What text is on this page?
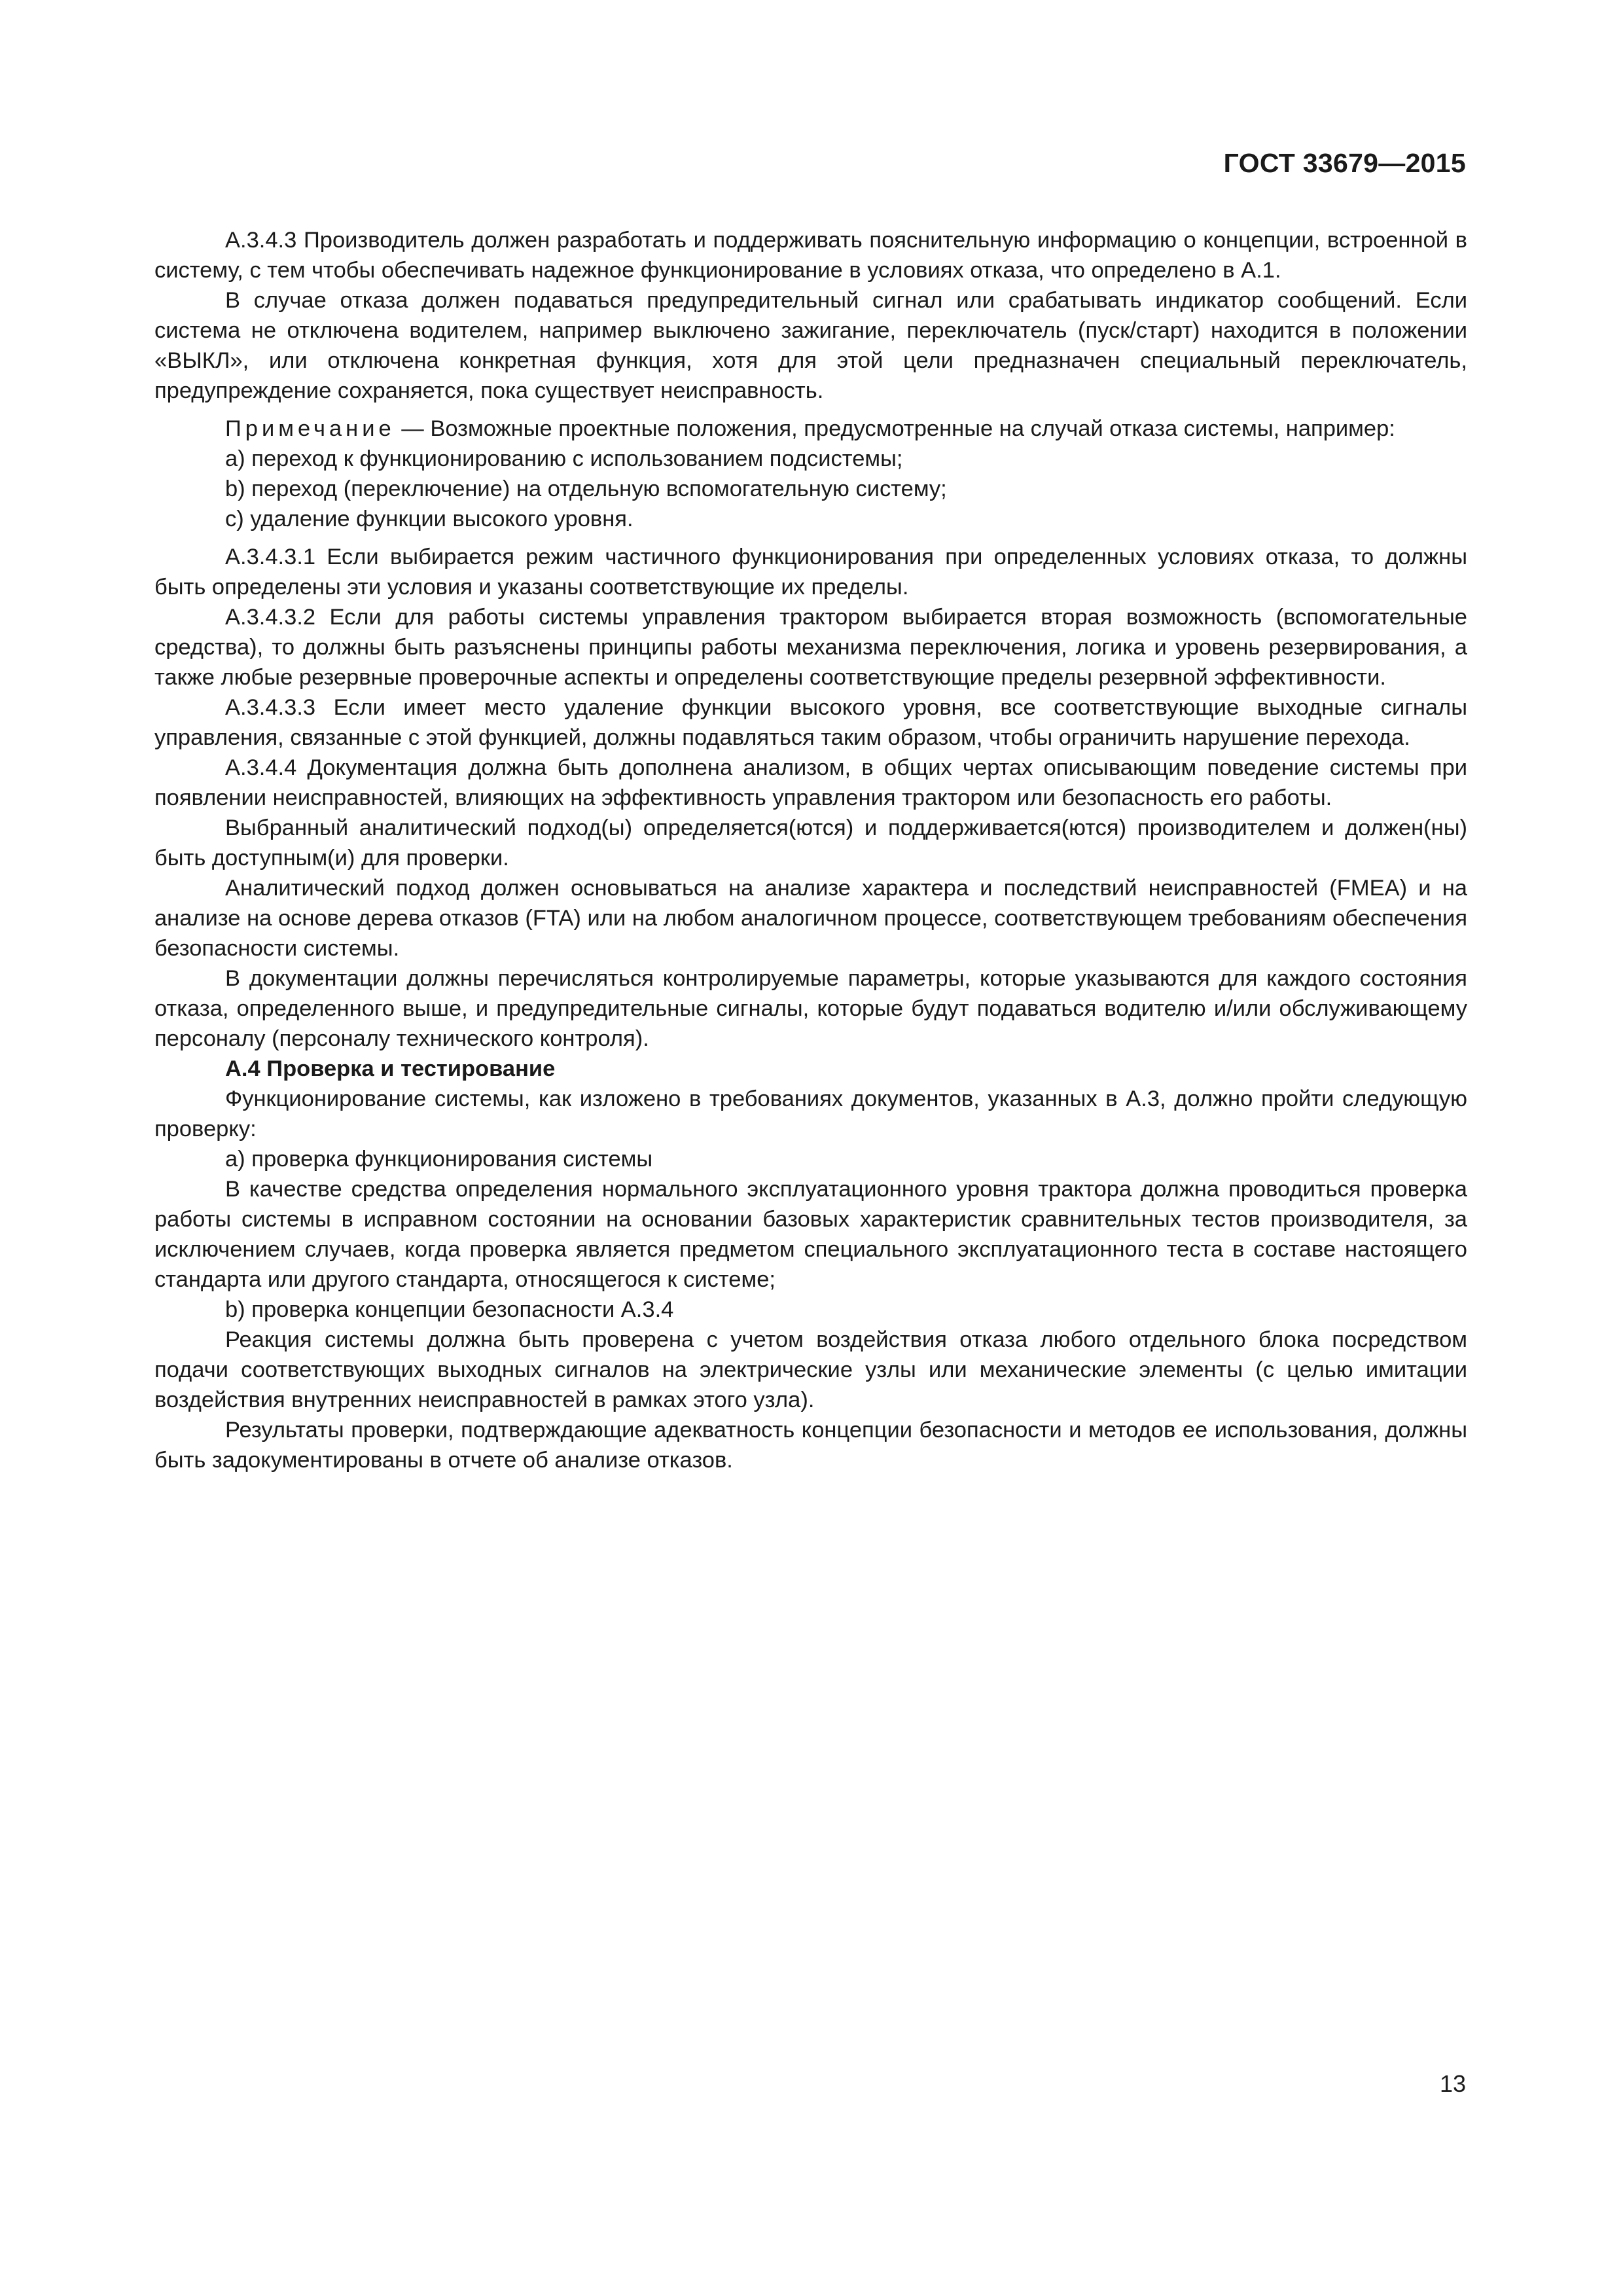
ГОСТ 33679—2015

А.3.4.3 Производитель должен разработать и поддерживать пояснительную информацию о концепции, встроенной в систему, с тем чтобы обеспечивать надежное функционирование в условиях отказа, что определено в А.1.

В случае отказа должен подаваться предупредительный сигнал или срабатывать индикатор сообщений. Если система не отключена водителем, например выключено зажигание, переключатель (пуск/старт) находится в положении «ВЫКЛ», или отключена конкретная функция, хотя для этой цели предназначен специальный переключатель, предупреждение сохраняется, пока существует неисправность.

Примечание — Возможные проектные положения, предусмотренные на случай отказа системы, например:

а) переход к функционированию с использованием подсистемы;

b) переход (переключение) на отдельную вспомогательную систему;

с) удаление функции высокого уровня.

А.3.4.3.1 Если выбирается режим частичного функционирования при определенных условиях отказа, то должны быть определены эти условия и указаны соответствующие их пределы.

А.3.4.3.2 Если для работы системы управления трактором выбирается вторая возможность (вспомогательные средства), то должны быть разъяснены принципы работы механизма переключения, логика и уровень резервирования, а также любые резервные проверочные аспекты и определены соответствующие пределы резервной эффективности.

А.3.4.3.3 Если имеет место удаление функции высокого уровня, все соответствующие выходные сигналы управления, связанные с этой функцией, должны подавляться таким образом, чтобы ограничить нарушение перехода.

А.3.4.4 Документация должна быть дополнена анализом, в общих чертах описывающим поведение системы при появлении неисправностей, влияющих на эффективность управления трактором или безопасность его работы.

Выбранный аналитический подход(ы) определяется(ются) и поддерживается(ются) производителем и должен(ны) быть доступным(и) для проверки.

Аналитический подход должен основываться на анализе характера и последствий неисправностей (FMEA) и на анализе на основе дерева отказов (FTA) или на любом аналогичном процессе, соответствующем требованиям обеспечения безопасности системы.

В документации должны перечисляться контролируемые параметры, которые указываются для каждого состояния отказа, определенного выше, и предупредительные сигналы, которые будут подаваться водителю и/или обслуживающему персоналу (персоналу технического контроля).

А.4 Проверка и тестирование

Функционирование системы, как изложено в требованиях документов, указанных в А.3, должно пройти следующую проверку:

а) проверка функционирования системы

В качестве средства определения нормального эксплуатационного уровня трактора должна проводиться проверка работы системы в исправном состоянии на основании базовых характеристик сравнительных тестов производителя, за исключением случаев, когда проверка является предметом специального эксплуатационного теста в составе настоящего стандарта или другого стандарта, относящегося к системе;

b) проверка концепции безопасности А.3.4

Реакция системы должна быть проверена с учетом воздействия отказа любого отдельного блока посредством подачи соответствующих выходных сигналов на электрические узлы или механические элементы (с целью имитации воздействия внутренних неисправностей в рамках этого узла).

Результаты проверки, подтверждающие адекватность концепции безопасности и методов ее использования, должны быть задокументированы в отчете об анализе отказов.

13
